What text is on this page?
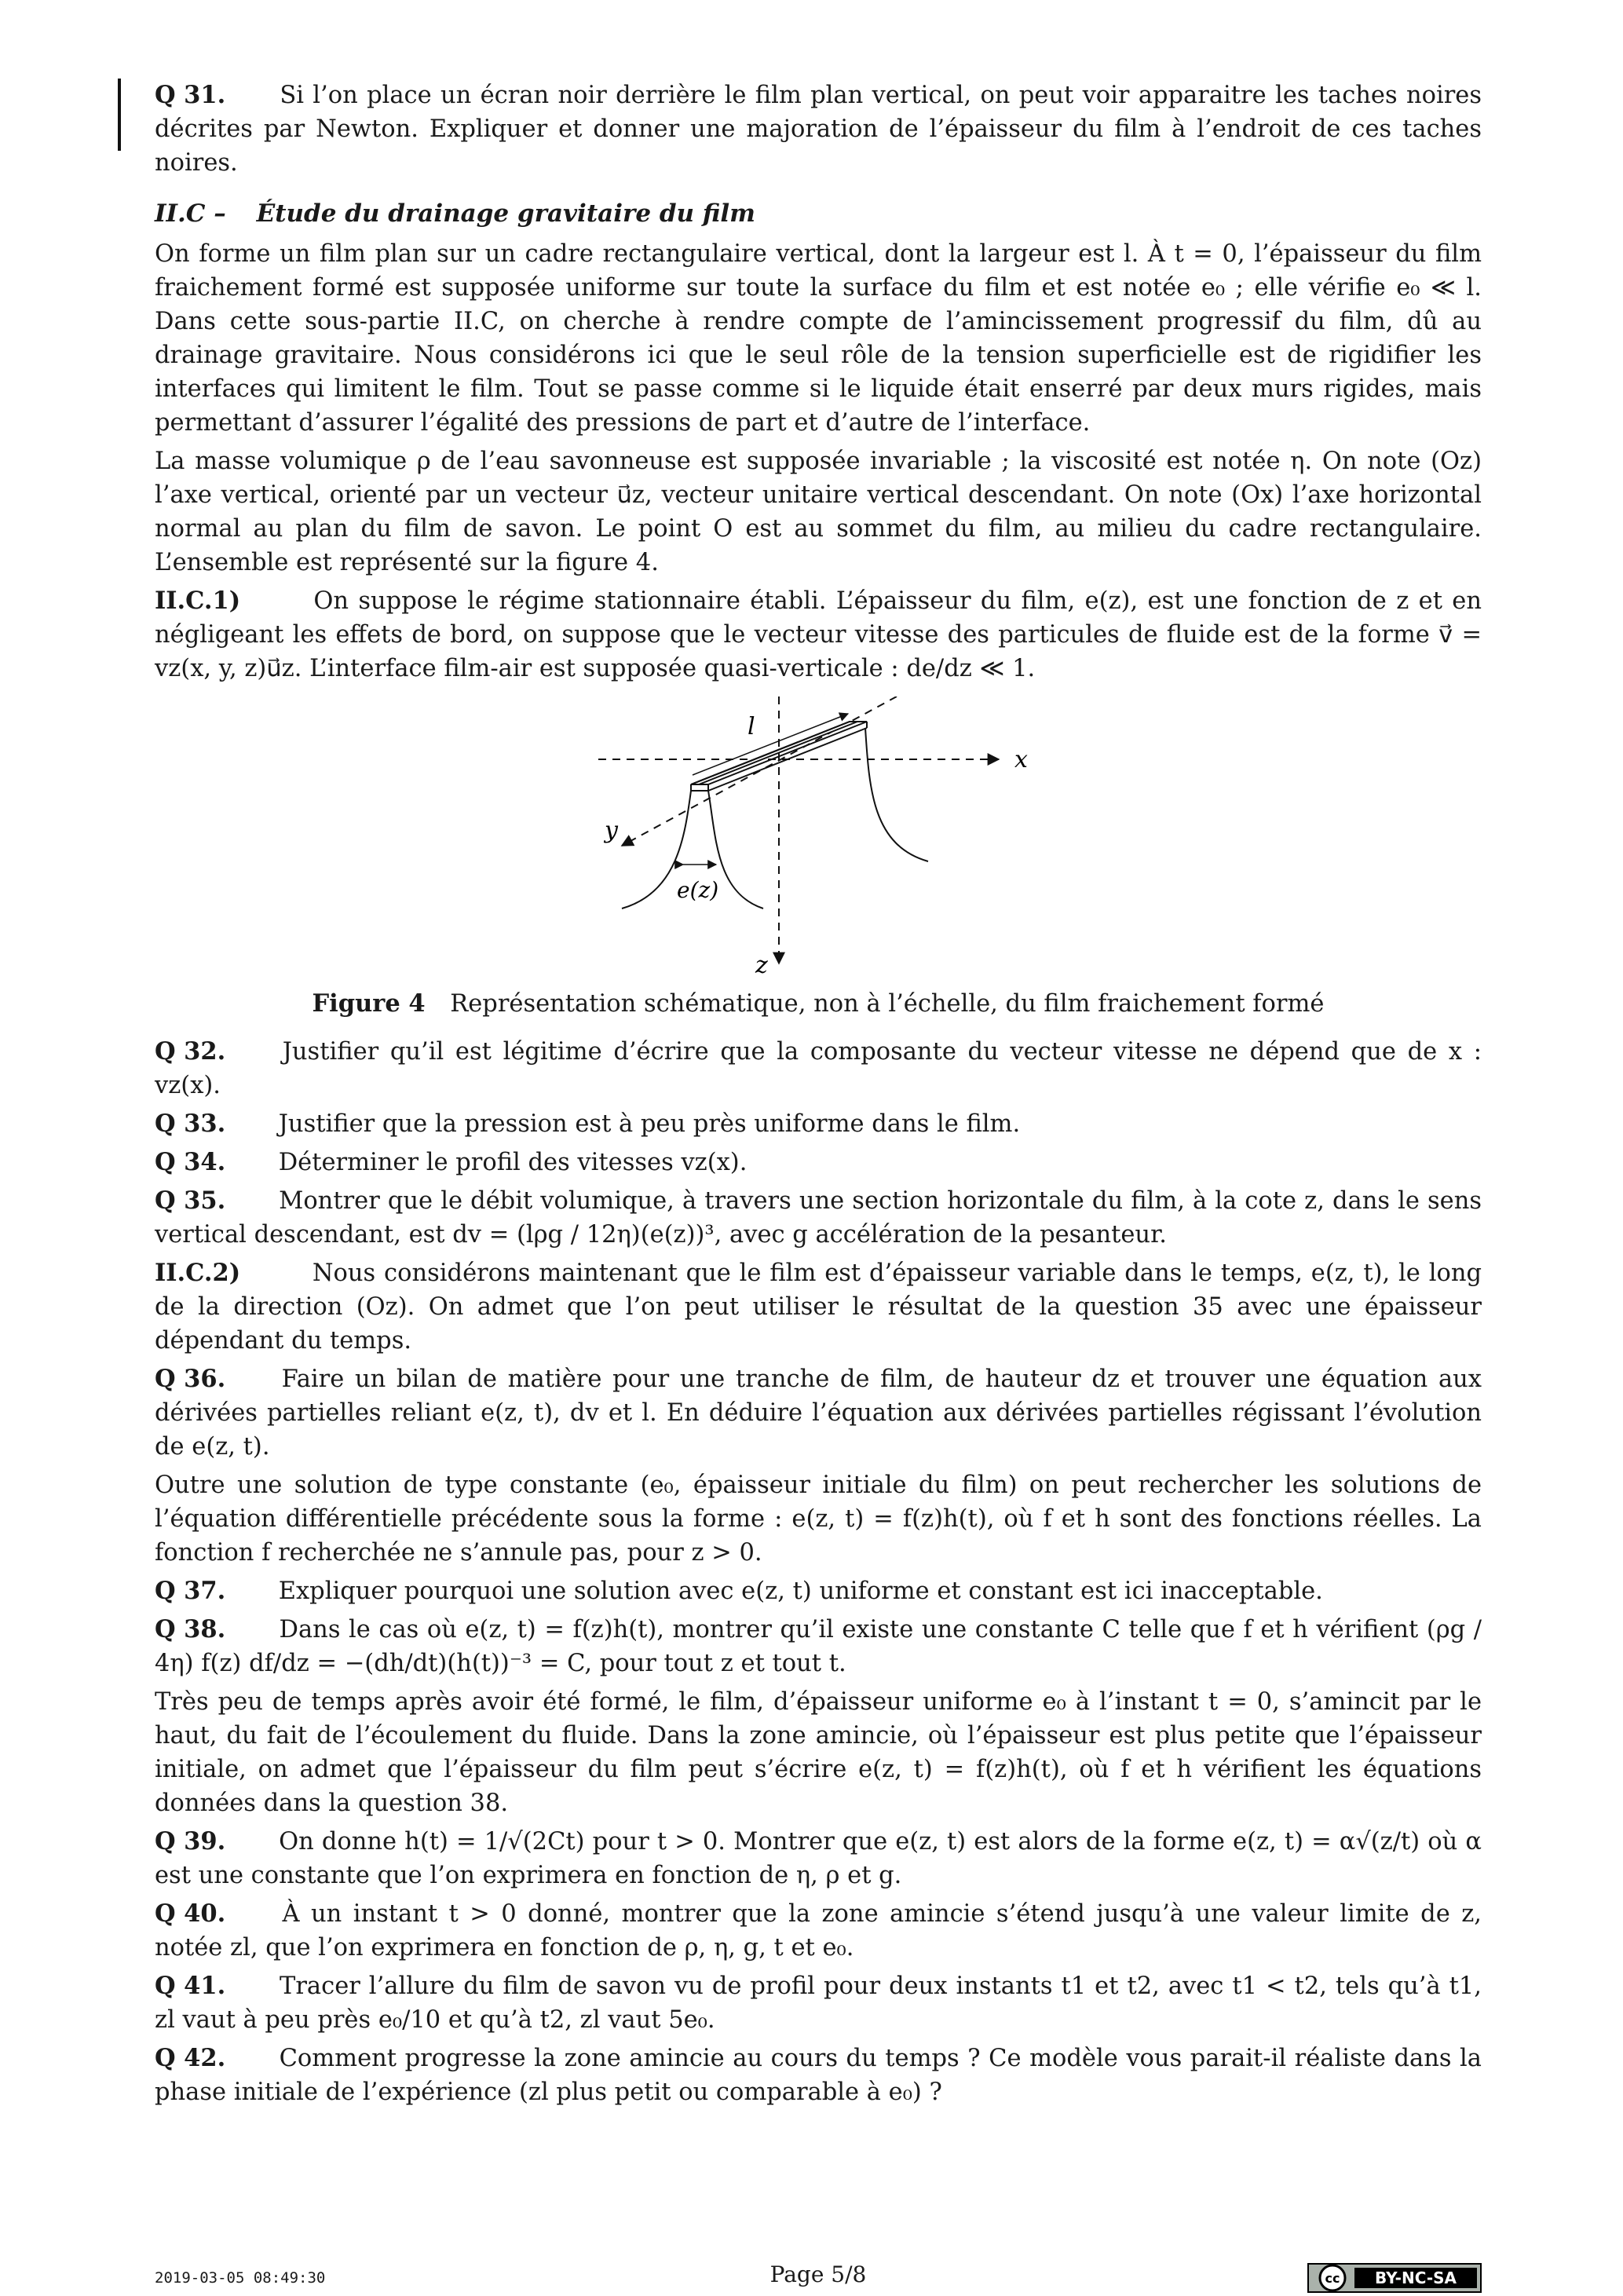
Q 31. Si l’on place un écran noir derrière le film plan vertical, on peut voir apparaitre les taches noires décrites par Newton. Expliquer et donner une majoration de l’épaisseur du film à l’endroit de ces taches noires.

II.C – Étude du drainage gravitaire du film

On forme un film plan sur un cadre rectangulaire vertical, dont la largeur est l. À t = 0, l’épaisseur du film fraichement formé est supposée uniforme sur toute la surface du film et est notée e₀ ; elle vérifie e₀ ≪ l. Dans cette sous-partie II.C, on cherche à rendre compte de l’amincissement progressif du film, dû au drainage gravitaire. Nous considérons ici que le seul rôle de la tension superficielle est de rigidifier les interfaces qui limitent le film. Tout se passe comme si le liquide était enserré par deux murs rigides, mais permettant d’assurer l’égalité des pressions de part et d’autre de l’interface.

La masse volumique ρ de l’eau savonneuse est supposée invariable ; la viscosité est notée η. On note (Oz) l’axe vertical, orienté par un vecteur u⃗z, vecteur unitaire vertical descendant. On note (Ox) l’axe horizontal normal au plan du film de savon. Le point O est au sommet du film, au milieu du cadre rectangulaire. L’ensemble est représenté sur la figure 4.

II.C.1)	On suppose le régime stationnaire établi. L’épaisseur du film, e(z), est une fonction de z et en négligeant les effets de bord, on suppose que le vecteur vitesse des particules de fluide est de la forme v⃗ = vz(x, y, z)u⃗z. L’interface film-air est supposée quasi-verticale : de/dz ≪ 1.

x
z
y
l
e(z)

Figure 4 Représentation schématique, non à l’échelle, du film fraichement formé

Q 32. Justifier qu’il est légitime d’écrire que la composante du vecteur vitesse ne dépend que de x : vz(x).

Q 33. Justifier que la pression est à peu près uniforme dans le film.

Q 34. Déterminer le profil des vitesses vz(x).

Q 35. Montrer que le débit volumique, à travers une section horizontale du film, à la cote z, dans le sens vertical descendant, est dv = (lρg / 12η)(e(z))³, avec g accélération de la pesanteur.

II.C.2)	Nous considérons maintenant que le film est d’épaisseur variable dans le temps, e(z, t), le long de la direction (Oz). On admet que l’on peut utiliser le résultat de la question 35 avec une épaisseur dépendant du temps.

Q 36. Faire un bilan de matière pour une tranche de film, de hauteur dz et trouver une équation aux dérivées partielles reliant e(z, t), dv et l. En déduire l’équation aux dérivées partielles régissant l’évolution de e(z, t).

Outre une solution de type constante (e₀, épaisseur initiale du film) on peut rechercher les solutions de l’équation différentielle précédente sous la forme : e(z, t) = f(z)h(t), où f et h sont des fonctions réelles. La fonction f recherchée ne s’annule pas, pour z > 0.

Q 37. Expliquer pourquoi une solution avec e(z, t) uniforme et constant est ici inacceptable.

Q 38. Dans le cas où e(z, t) = f(z)h(t), montrer qu’il existe une constante C telle que f et h vérifient (ρg / 4η) f(z) df/dz = −(dh/dt)(h(t))⁻³ = C, pour tout z et tout t.

Très peu de temps après avoir été formé, le film, d’épaisseur uniforme e₀ à l’instant t = 0, s’amincit par le haut, du fait de l’écoulement du fluide. Dans la zone amincie, où l’épaisseur est plus petite que l’épaisseur initiale, on admet que l’épaisseur du film peut s’écrire e(z, t) = f(z)h(t), où f et h vérifient les équations données dans la question 38.

Q 39. On donne h(t) = 1/√(2Ct) pour t > 0. Montrer que e(z, t) est alors de la forme e(z, t) = α√(z/t) où α est une constante que l’on exprimera en fonction de η, ρ et g.

Q 40. À un instant t > 0 donné, montrer que la zone amincie s’étend jusqu’à une valeur limite de z, notée zl, que l’on exprimera en fonction de ρ, η, g, t et e₀.

Q 41. Tracer l’allure du film de savon vu de profil pour deux instants t1 et t2, avec t1 < t2, tels qu’à t1, zl vaut à peu près e₀/10 et qu’à t2, zl vaut 5e₀.

Q 42. Comment progresse la zone amincie au cours du temps ? Ce modèle vous parait-il réaliste dans la phase initiale de l’expérience (zl plus petit ou comparable à e₀) ?

2019-03-05 08:49:30	Page 5/8	cc BY-NC-SA
